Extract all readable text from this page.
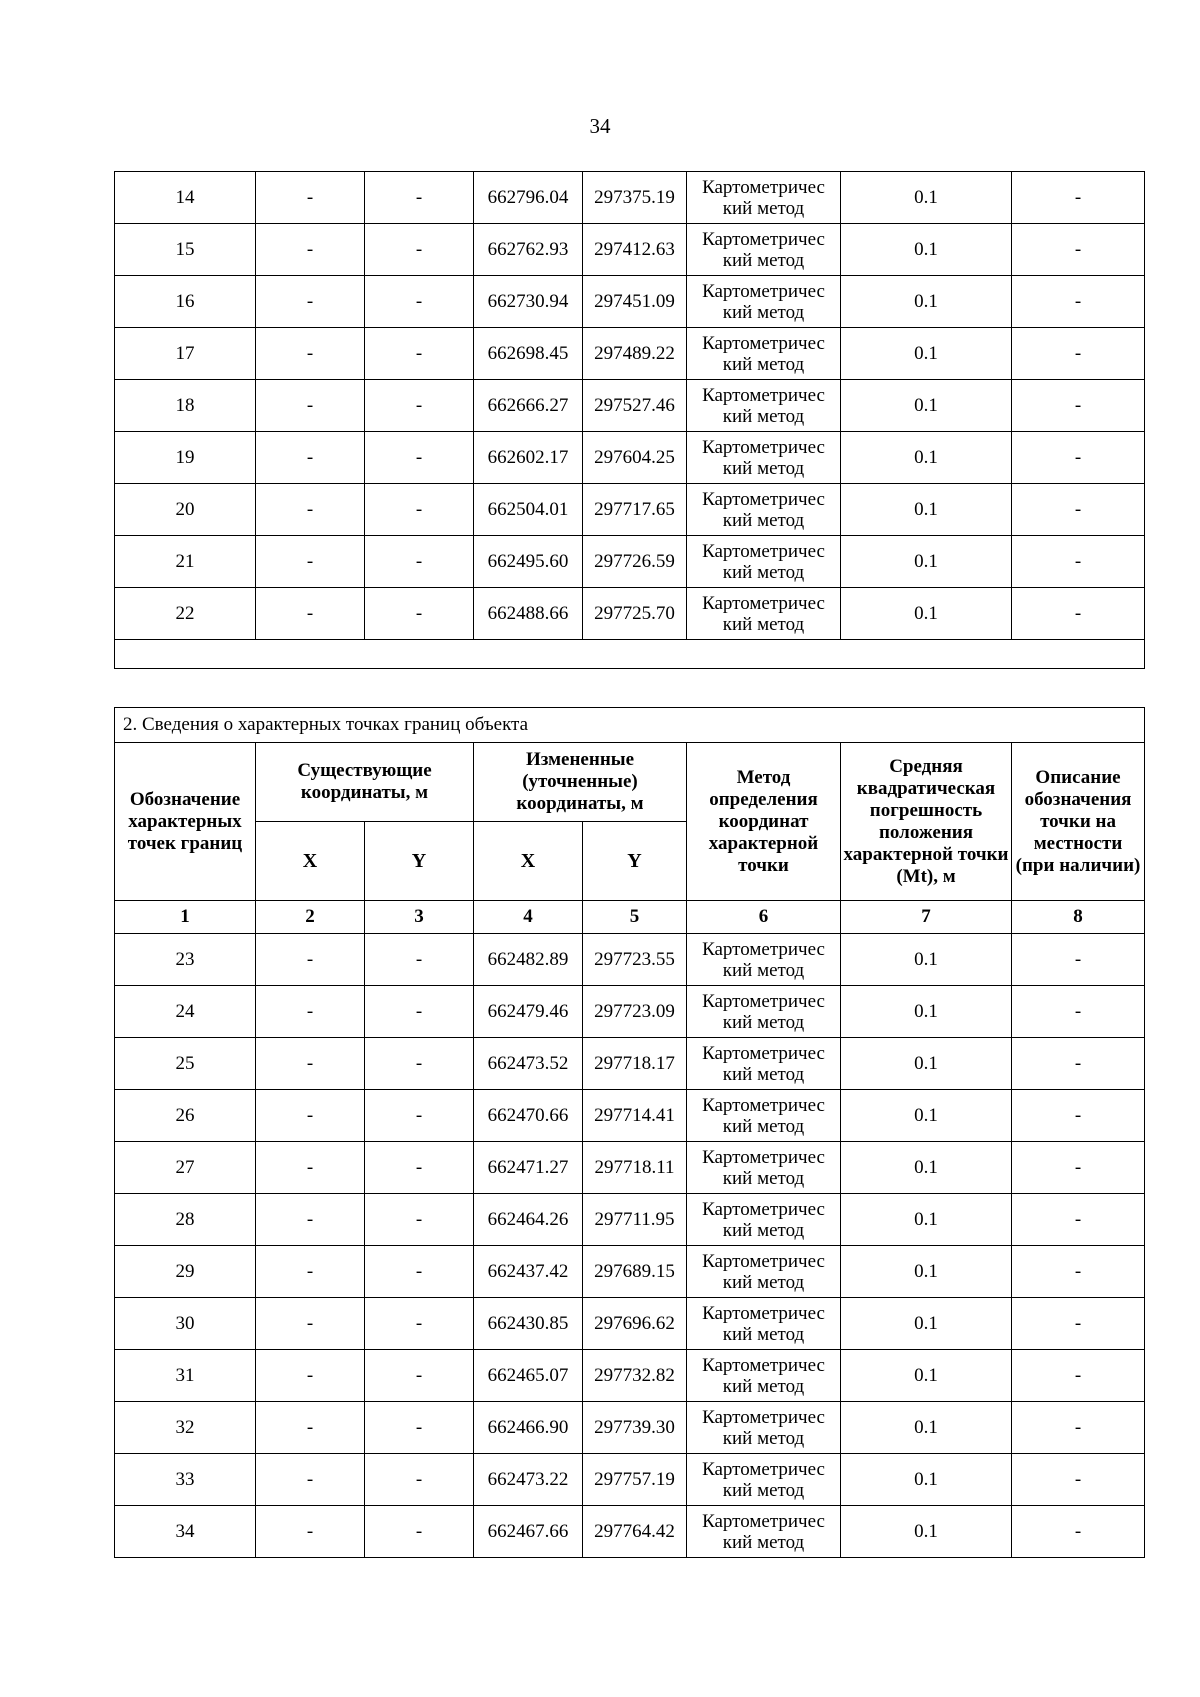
34
14	-	-	662796.04	297375.19	Картометричес кий метод	0.1	-
15	-	-	662762.93	297412.63	Картометричес кий метод	0.1	-
16	-	-	662730.94	297451.09	Картометричес кий метод	0.1	-
17	-	-	662698.45	297489.22	Картометричес кий метод	0.1	-
18	-	-	662666.27	297527.46	Картометричес кий метод	0.1	-
19	-	-	662602.17	297604.25	Картометричес кий метод	0.1	-
20	-	-	662504.01	297717.65	Картометричес кий метод	0.1	-
21	-	-	662495.60	297726.59	Картометричес кий метод	0.1	-
22	-	-	662488.66	297725.70	Картометричес кий метод	0.1	-

2. Сведения о характерных точках границ объекта							
Обозначение характерных точек границ	Существующие координаты, м		Измененные (уточненные) координаты, м		Метод определения координат характерной точки	Средняя квадратическая погрешность положения характерной точки (Mt), м	Описание обозначения точки на местности (при наличии)
	X	Y	X	Y			
1	2	3	4	5	6	7	8
23	-	-	662482.89	297723.55	Картометричес кий метод	0.1	-
24	-	-	662479.46	297723.09	Картометричес кий метод	0.1	-
25	-	-	662473.52	297718.17	Картометричес кий метод	0.1	-
26	-	-	662470.66	297714.41	Картометричес кий метод	0.1	-
27	-	-	662471.27	297718.11	Картометричес кий метод	0.1	-
28	-	-	662464.26	297711.95	Картометричес кий метод	0.1	-
29	-	-	662437.42	297689.15	Картометричес кий метод	0.1	-
30	-	-	662430.85	297696.62	Картометричес кий метод	0.1	-
31	-	-	662465.07	297732.82	Картометричес кий метод	0.1	-
32	-	-	662466.90	297739.30	Картометричес кий метод	0.1	-
33	-	-	662473.22	297757.19	Картометричес кий метод	0.1	-
34	-	-	662467.66	297764.42	Картометричес кий метод	0.1	-
